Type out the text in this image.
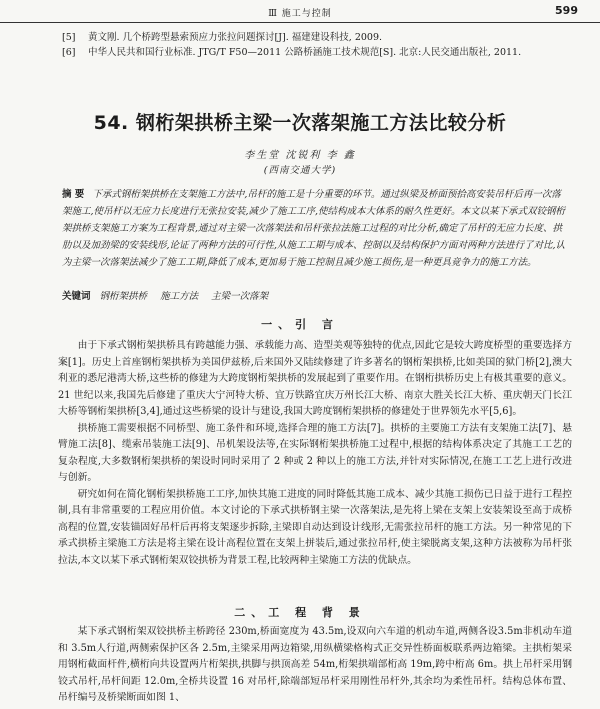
Ⅲ 施工与控制	599
[5]	黄文刚. 几个桥跨型悬索预应力张拉问题探讨[J]. 福建建设科技, 2009.
[6]	中华人民共和国行业标准. JTG/T F50—2011 公路桥涵施工技术规范[S]. 北京:人民交通出版社, 2011.
54. 钢桁架拱桥主梁一次落架施工方法比较分析
李生堂 沈锐利 李 鑫
(西南交通大学)
摘 要 下承式钢桁架拱桥在支架施工方法中,吊杆的施工是十分重要的环节。通过纵梁及桥面预拾高安装吊杆后再一次落架施工,使吊杆以无应力长度进行无张拉安装,减少了施工工序,使结构成本大体系的耐久性更好。本文以某下承式双铰钢桁架拱桥支架施工方案为工程背景,通过对主梁一次落架法和吊杆张拉法施工过程的对比分析,确定了吊杆的无应力长度、拱肋以及加劲梁的安装线形,论证了两种方法的可行性,从施工工期与成本、控制以及结构保护方面对两种方法进行了对比,认为主梁一次落架法减少了施工工期,降低了成本,更加易于施工控制且减少施工损伤,是一种更具竞争力的施工方法。
关键词 钢桁架拱桥 施工方法 主梁一次落架
一、引 言

由于下承式钢桁架拱桥具有跨越能力强、承载能力高、造型美观等独特的优点,因此它是较大跨度桥型的重要选择方案[1]。历史上首座钢桁架拱桥为美国伊兹桥,后来国外又陆续修建了许多著名的钢桁架拱桥,比如美国的狱门桥[2],澳大利亚的悉尼港湾大桥,这些桥的修建为大跨度钢桁架拱桥的发展起到了重要作用。在钢桁拱桥历史上有极其重要的意义。21 世纪以来,我国先后修建了重庆大宁河特大桥、宜万铁路宜庆万州长江大桥、南京大胜关长江大桥、重庆朝天门长江大桥等钢桁架拱桥[3,4],通过这些桥梁的设计与建设,我国大跨度钢桁架拱桥的修建处于世界领先水平[5,6]。

拱桥施工需要根据不同桥型、施工条件和环境,选择合理的施工方法[7]。拱桥的主要施工方法有支架施工法[7]、悬臂施工法[8]、缆索吊装施工法[9]、吊机架设法等,在实际钢桁架拱桥施工过程中,根据的结构体系决定了其施工工艺的复杂程度,大多数钢桁架拱桥的架设时同时采用了 2 种或 2 种以上的施工方法,并针对实际情况,在施工工艺上进行改进与创新。

研究如何在简化钢桁架拱桥施工工序,加快其施工进度的同时降低其施工成本、减少其施工损伤已日益于进行工程控制,具有非常重要的工程应用价值。本文讨论的下承式拱桥钢主梁一次落架法,是先将上梁在支架上安装架设至高于成桥高程的位置,安装锚固好吊杆后再将支架逐步拆除,主梁即自动达到设计线形,无需张拉吊杆的施工方法。另一种常见的下承式拱桥主梁施工方法是将主梁在设计高程位置在支架上拼装后,通过张拉吊杆,使主梁脱离支架,这种方法被称为吊杆张拉法,本文以某下承式钢桁架双铰拱桥为背景工程,比较两种主梁施工方法的优缺点。

二、工 程 背 景

某下承式钢桁架双铰拱桥主桥跨径 230m,桥面宽度为 43.5m,设双向六车道的机动车道,两侧各设3.5m非机动车道和 3.5m人行道,两侧索保护区各 2.5m,主梁采用两边箱梁,用纵横梁格构式正交异性桥面板联系两边箱梁。主拱桁架采用钢桁截面杆件,横桁向共设置两片桁架拱,拱脚与拱顶高差 54m,桁架拱端部桁高 19m,跨中桁高 6m。拱上吊杆采用钢铰式吊杆,吊杆间距 12.0m,全桥共设置 16 对吊杆,除端部短吊杆采用刚性吊杆外,其余均为柔性吊杆。结构总体布置、吊杆编号及桥梁断面如图 1、
